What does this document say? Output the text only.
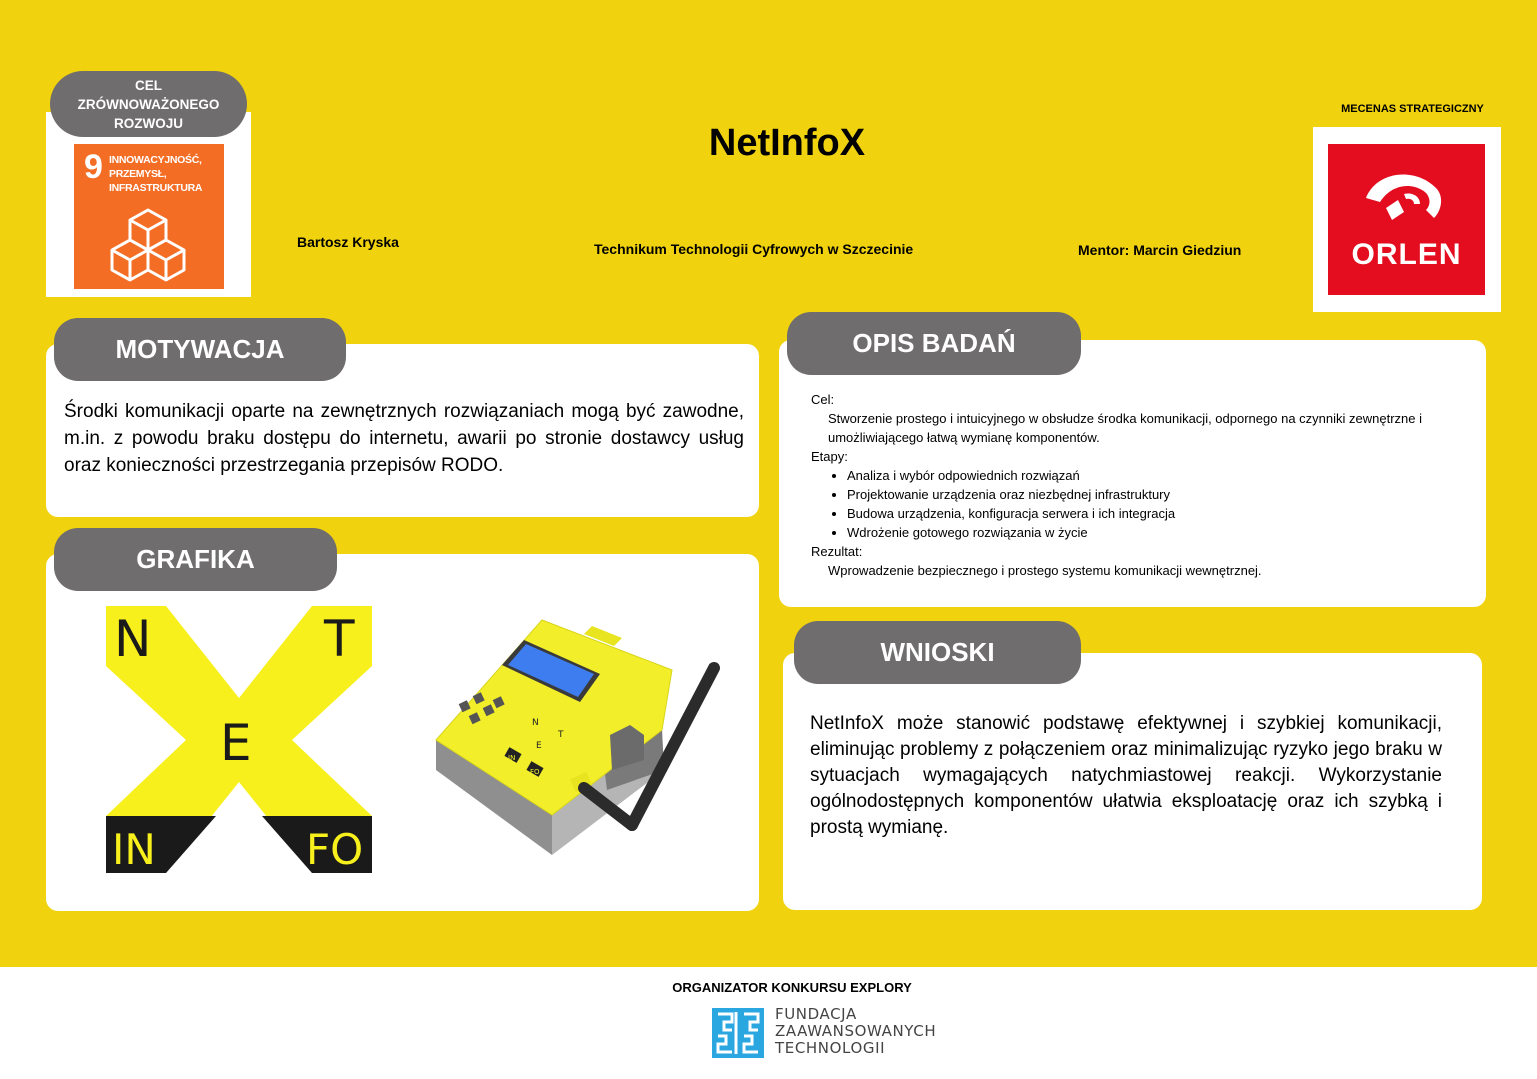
CEL
ZRÓWNOWAŻONEGO
ROZWOJU
9 INNOWACYJNOŚĆ,
PRZEMYSŁ,
INFRASTRUKTURA
NetInfoX
Bartosz Kryska	Technikum Technologii Cyfrowych w Szczecinie	Mentor: Marcin Giedziun
MECENAS STRATEGICZNY
ORLEN
MOTYWACJA
Środki komunikacji oparte na zewnętrznych rozwiązaniach mogą być zawodne, m.in. z powodu braku dostępu do internetu, awarii po stronie dostawcy usług oraz konieczności przestrzegania przepisów RODO.
GRAFIKA
N	T
E
IN	FO
N
T
E
IN
FO
OPIS BADAŃ
Cel:
Stworzenie prostego i intuicyjnego w obsłudze środka komunikacji, odpornego na czynniki zewnętrzne i umożliwiającego łatwą wymianę komponentów.
Etapy:
• Analiza i wybór odpowiednich rozwiązań
• Projektowanie urządzenia oraz niezbędnej infrastruktury
• Budowa urządzenia, konfiguracja serwera i ich integracja
• Wdrożenie gotowego rozwiązania w życie
Rezultat:
Wprowadzenie bezpiecznego i prostego systemu komunikacji wewnętrznej.
WNIOSKI
NetInfoX może stanowić podstawę efektywnej i szybkiej komunikacji, eliminując problemy z połączeniem oraz minimalizując ryzyko jego braku w sytuacjach wymagających natychmiastowej reakcji. Wykorzystanie ogólnodostępnych komponentów ułatwia eksploatację oraz ich szybką i prostą wymianę.
ORGANIZATOR KONKURSU EXPLORY
FUNDACJA
ZAAWANSOWANYCH
TECHNOLOGII
